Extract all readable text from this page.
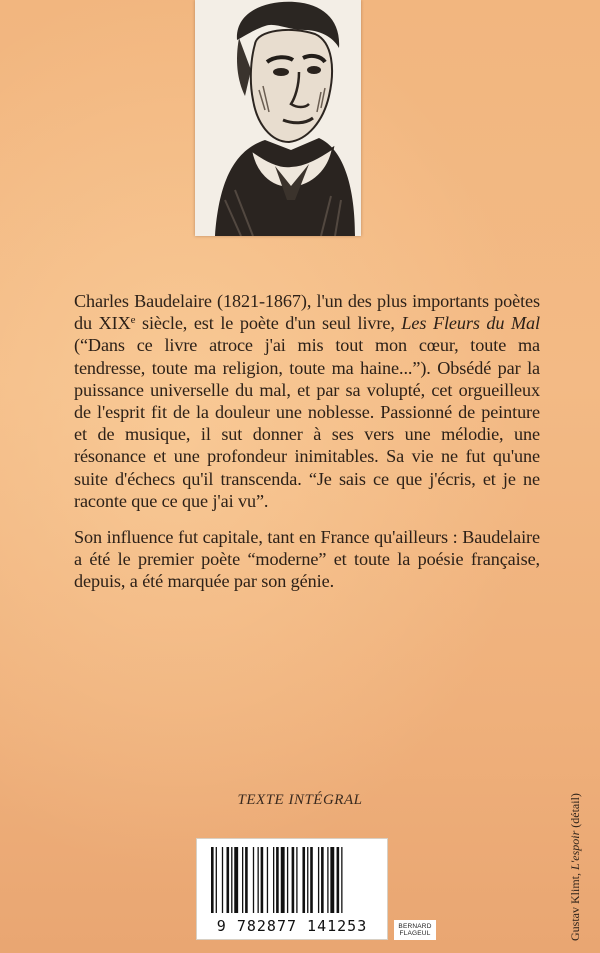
Charles Baudelaire (1821-1867), l'un des plus importants poètes du XIXe siècle, est le poète d'un seul livre, Les Fleurs du Mal (“Dans ce livre atroce j'ai mis tout mon cœur, toute ma tendresse, toute ma religion, toute ma haine...”). Obsédé par la puissance universelle du mal, et par sa volupté, cet orgueilleux de l'esprit fit de la douleur une noblesse. Passionné de peinture et de musique, il sut donner à ses vers une mélodie, une résonance et une profondeur inimitables. Sa vie ne fut qu'une suite d'échecs qu'il transcenda. “Je sais ce que j'écris, et je ne raconte que ce que j'ai vu”.

Son influence fut capitale, tant en France qu'ailleurs : Baudelaire a été le premier poète “moderne” et toute la poésie française, depuis, a été marquée par son génie.

TEXTE INTÉGRAL
9 782877 141253	BERNARD
FLAGEUL	Gustav Klimt, L'espoir (détail)
